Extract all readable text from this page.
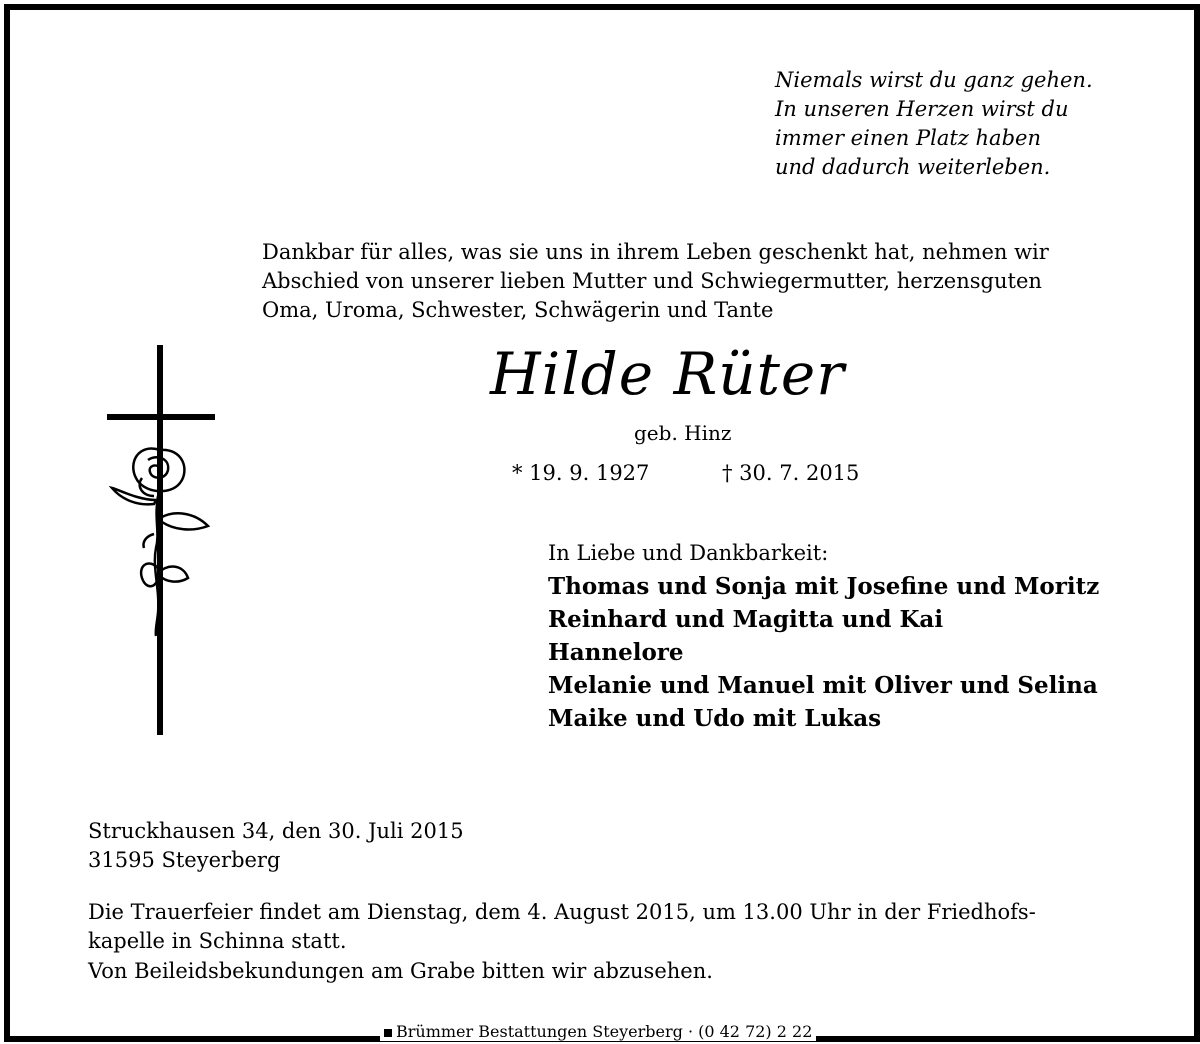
Niemals wirst du ganz gehen.
In unseren Herzen wirst du
immer einen Platz haben
und dadurch weiterleben.
Dankbar für alles, was sie uns in ihrem Leben geschenkt hat, nehmen wir
Abschied von unserer lieben Mutter und Schwiegermutter, herzensguten
Oma, Uroma, Schwester, Schwägerin und Tante
Hilde Rüter
geb. Hinz
* 19. 9. 1927	† 30. 7. 2015
In Liebe und Dankbarkeit:
Thomas und Sonja mit Josefine und Moritz
Reinhard und Magitta und Kai
Hannelore
Melanie und Manuel mit Oliver und Selina
Maike und Udo mit Lukas
Struckhausen 34, den 30. Juli 2015
31595 Steyerberg
Die Trauerfeier findet am Dienstag, dem 4. August 2015, um 13.00 Uhr in der Friedhofs-
kapelle in Schinna statt.
Von Beileidsbekundungen am Grabe bitten wir abzusehen.
Brümmer Bestattungen Steyerberg · (0 42 72) 2 22
